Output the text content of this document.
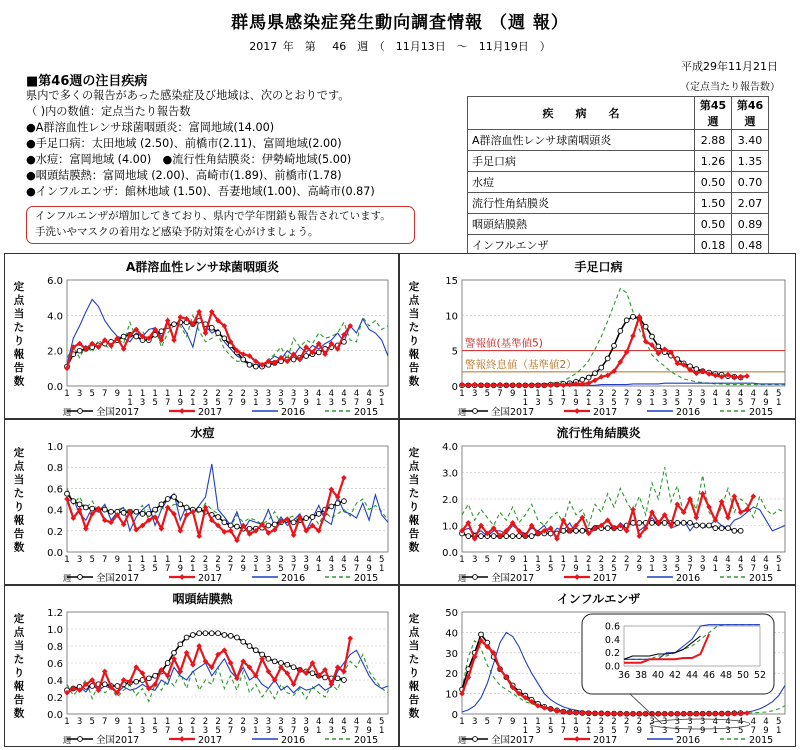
群馬県感染症発生動向調査情報 （週 報）
2017 年　第　 46　週 （　11月13日　～　11月19日　）
平成29年11月21日
（定点当たり報告数）
■第46週の注目疾病
県内で多くの報告があった感染症及び地域は、次のとおりです。
（ )内の数値：定点当たり報告数
●A群溶血性レンサ球菌咽頭炎：富岡地域(14.00)
●手足口病：太田地域 (2.50)、前橋市(2.11)、富岡地域(2.00)
●水痘：富岡地域 (4.00)　●流行性角結膜炎：伊勢崎地域(5.00)
●咽頭結膜熱：富岡地域 (2.00)、高崎市(1.89)、前橋市(1.78)
●インフルエンザ：館林地域 (1.50)、吾妻地域(1.00)、高崎市(0.87)
インフルエンザが増加してきており、県内で学年閉鎖も報告されています。
手洗いやマスクの着用など感染予防対策を心がけましょう。
疾　　病　　名	第45週	第46週
A群溶血性レンサ球菌咽頭炎	2.88	3.40
手足口病	1.26	1.35
水痘	0.50	0.70
流行性角結膜炎	1.50	2.07
咽頭結膜熱	0.50	0.89
インフルエンザ	0.18	0.48
A群溶血性レンサ球菌咽頭炎
0.0
2.0
4.0
6.0
定
点
当
た
り
報
告
数
1 3 5 7 9 1
1
1
3
1
5
1
7
1
9
2
1
2
3
2
5
2
7
2
9
3
1
3
3
3
5
3
7
3
9
4
1
4
3
4
5
4
7
4
9
5
1
週	全国2017	2017	2016	2015
手足口病
0
5
10
15
定
点
当
た
り
報
告
数
1 3 5 7 9 1
1
1
3
1
5
1
7
1
9
2
1
2
3
2
5
2
7
2
9
3
1
3
3
3
5
3
7
3
9
4
1
4
3
4
5
4
7
4
9
5
1
週
警報値(基準値5)
警報終息値（基準値2）
全国2017	2017	2016	2015
水痘
0.0
0.2
0.4
0.6
0.8
1.0
定
点
当
た
り
報
告
数
1 3 5 7 9 1
1
1
3
1
5
1
7
1
9
2
1
2
3
2
5
2
7
2
9
3
1
3
3
3
5
3
7
3
9
4
1
4
3
4
5
4
7
4
9
5
1
週	全国2017	2017	2016	2015
流行性角結膜炎
0.0
1.0
2.0
3.0
4.0
定
点
当
た
り
報
告
数
1 3 5 7 9 1
1
1
3
1
5
1
7
1
9
2
1
2
3
2
5
2
7
2
9
3
1
3
3
3
5
3
7
3
9
4
1
4
3
4
5
4
7
4
9
5
1
週	全国2017	2017	2016	2015
咽頭結膜熱
0.0
0.2
0.4
0.6
0.8
1.0
1.2
定
点
当
た
り
報
告
数
1 3 5 7 9 1
1
1
3
1
5
1
7
1
9
2
1
2
3
2
5
2
7
2
9
3
1
3
3
3
5
3
7
3
9
4
1
4
3
4
5
4
7
4
9
5
1
週	全国2017	2017	2016	2015
インフルエンザ
0
10
20
30
40
50
定
点
当
た
り
報
告
数
1 3 5 7 9 1
1
1
3
1
5
1
7
1
9
2
1
2
3
2
5
2
7
2
9
3
1
3
3
3
5
3
7
3
9
4
1
4
3
4
5
4
7
4
9
5
1
週
0.0
0.2
0.4
0.6
36 38 40 42 44 46 48 50 52
全国2017	2017	2016	2015
